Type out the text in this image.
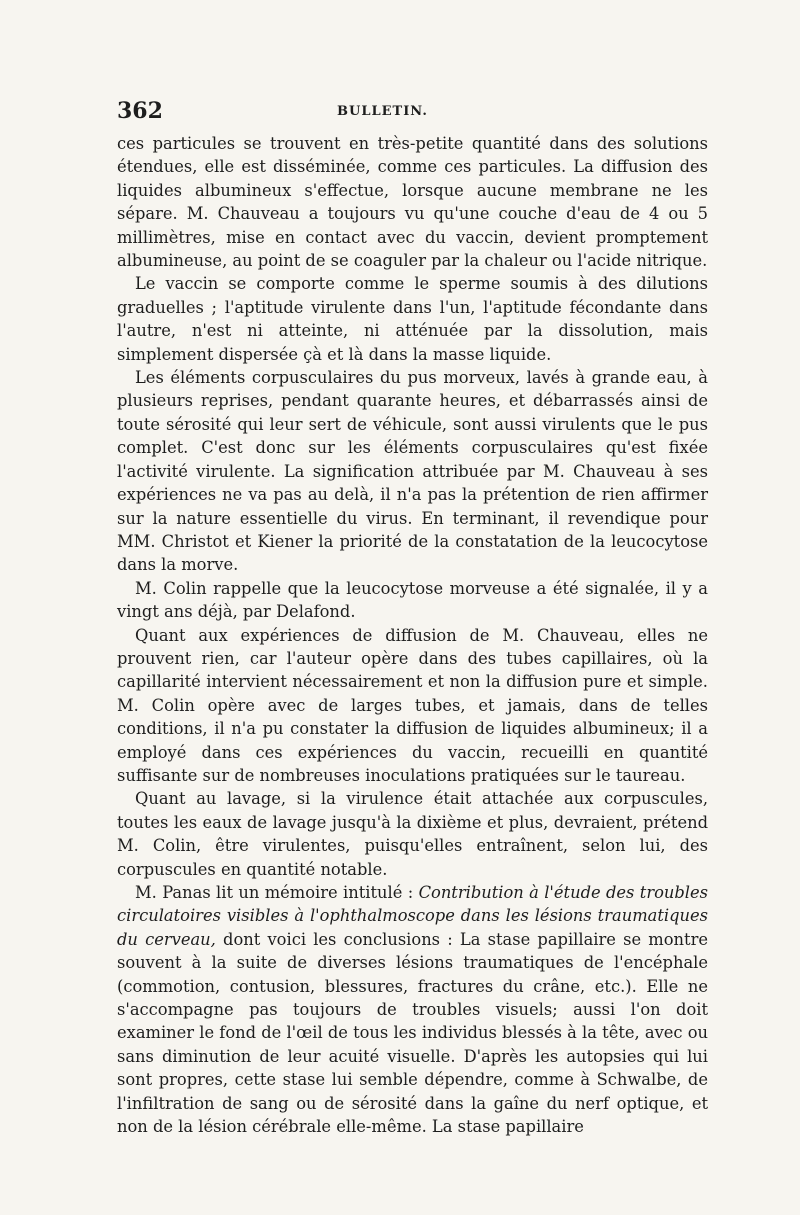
362	BULLETIN.

ces particules se trouvent en très-petite quantité dans des solutions étendues, elle est disséminée, comme ces particules. La diffusion des liquides albumineux s'effectue, lorsque aucune membrane ne les sépare. M. Chauveau a toujours vu qu'une couche d'eau de 4 ou 5 millimètres, mise en contact avec du vaccin, devient promptement albumineuse, au point de se coaguler par la chaleur ou l'acide nitrique.

Le vaccin se comporte comme le sperme soumis à des dilutions graduelles ; l'aptitude virulente dans l'un, l'aptitude fécondante dans l'autre, n'est ni atteinte, ni atténuée par la dissolution, mais simplement dispersée çà et là dans la masse liquide.

Les éléments corpusculaires du pus morveux, lavés à grande eau, à plusieurs reprises, pendant quarante heures, et débarrassés ainsi de toute sérosité qui leur sert de véhicule, sont aussi virulents que le pus complet. C'est donc sur les éléments corpusculaires qu'est fixée l'activité virulente. La signification attribuée par M. Chauveau à ses expériences ne va pas au delà, il n'a pas la prétention de rien affirmer sur la nature essentielle du virus. En terminant, il revendique pour MM. Christot et Kiener la priorité de la constatation de la leucocytose dans la morve.

M. Colin rappelle que la leucocytose morveuse a été signalée, il y a vingt ans déjà, par Delafond.

Quant aux expériences de diffusion de M. Chauveau, elles ne prouvent rien, car l'auteur opère dans des tubes capillaires, où la capillarité intervient nécessairement et non la diffusion pure et simple. M. Colin opère avec de larges tubes, et jamais, dans de telles conditions, il n'a pu constater la diffusion de liquides albumineux; il a employé dans ces expériences du vaccin, recueilli en quantité suffisante sur de nombreuses inoculations pratiquées sur le taureau.

Quant au lavage, si la virulence était attachée aux corpuscules, toutes les eaux de lavage jusqu'à la dixième et plus, devraient, prétend M. Colin, être virulentes, puisqu'elles entraînent, selon lui, des corpuscules en quantité notable.

M. Panas lit un mémoire intitulé : Contribution à l'étude des troubles circulatoires visibles à l'ophthalmoscope dans les lésions traumatiques du cerveau, dont voici les conclusions : La stase papillaire se montre souvent à la suite de diverses lésions traumatiques de l'encéphale (commotion, contusion, blessures, fractures du crâne, etc.). Elle ne s'accompagne pas toujours de troubles visuels; aussi l'on doit examiner le fond de l'œil de tous les individus blessés à la tête, avec ou sans diminution de leur acuité visuelle. D'après les autopsies qui lui sont propres, cette stase lui semble dépendre, comme à Schwalbe, de l'infiltration de sang ou de sérosité dans la gaîne du nerf optique, et non de la lésion cérébrale elle-même. La stase papillaire
